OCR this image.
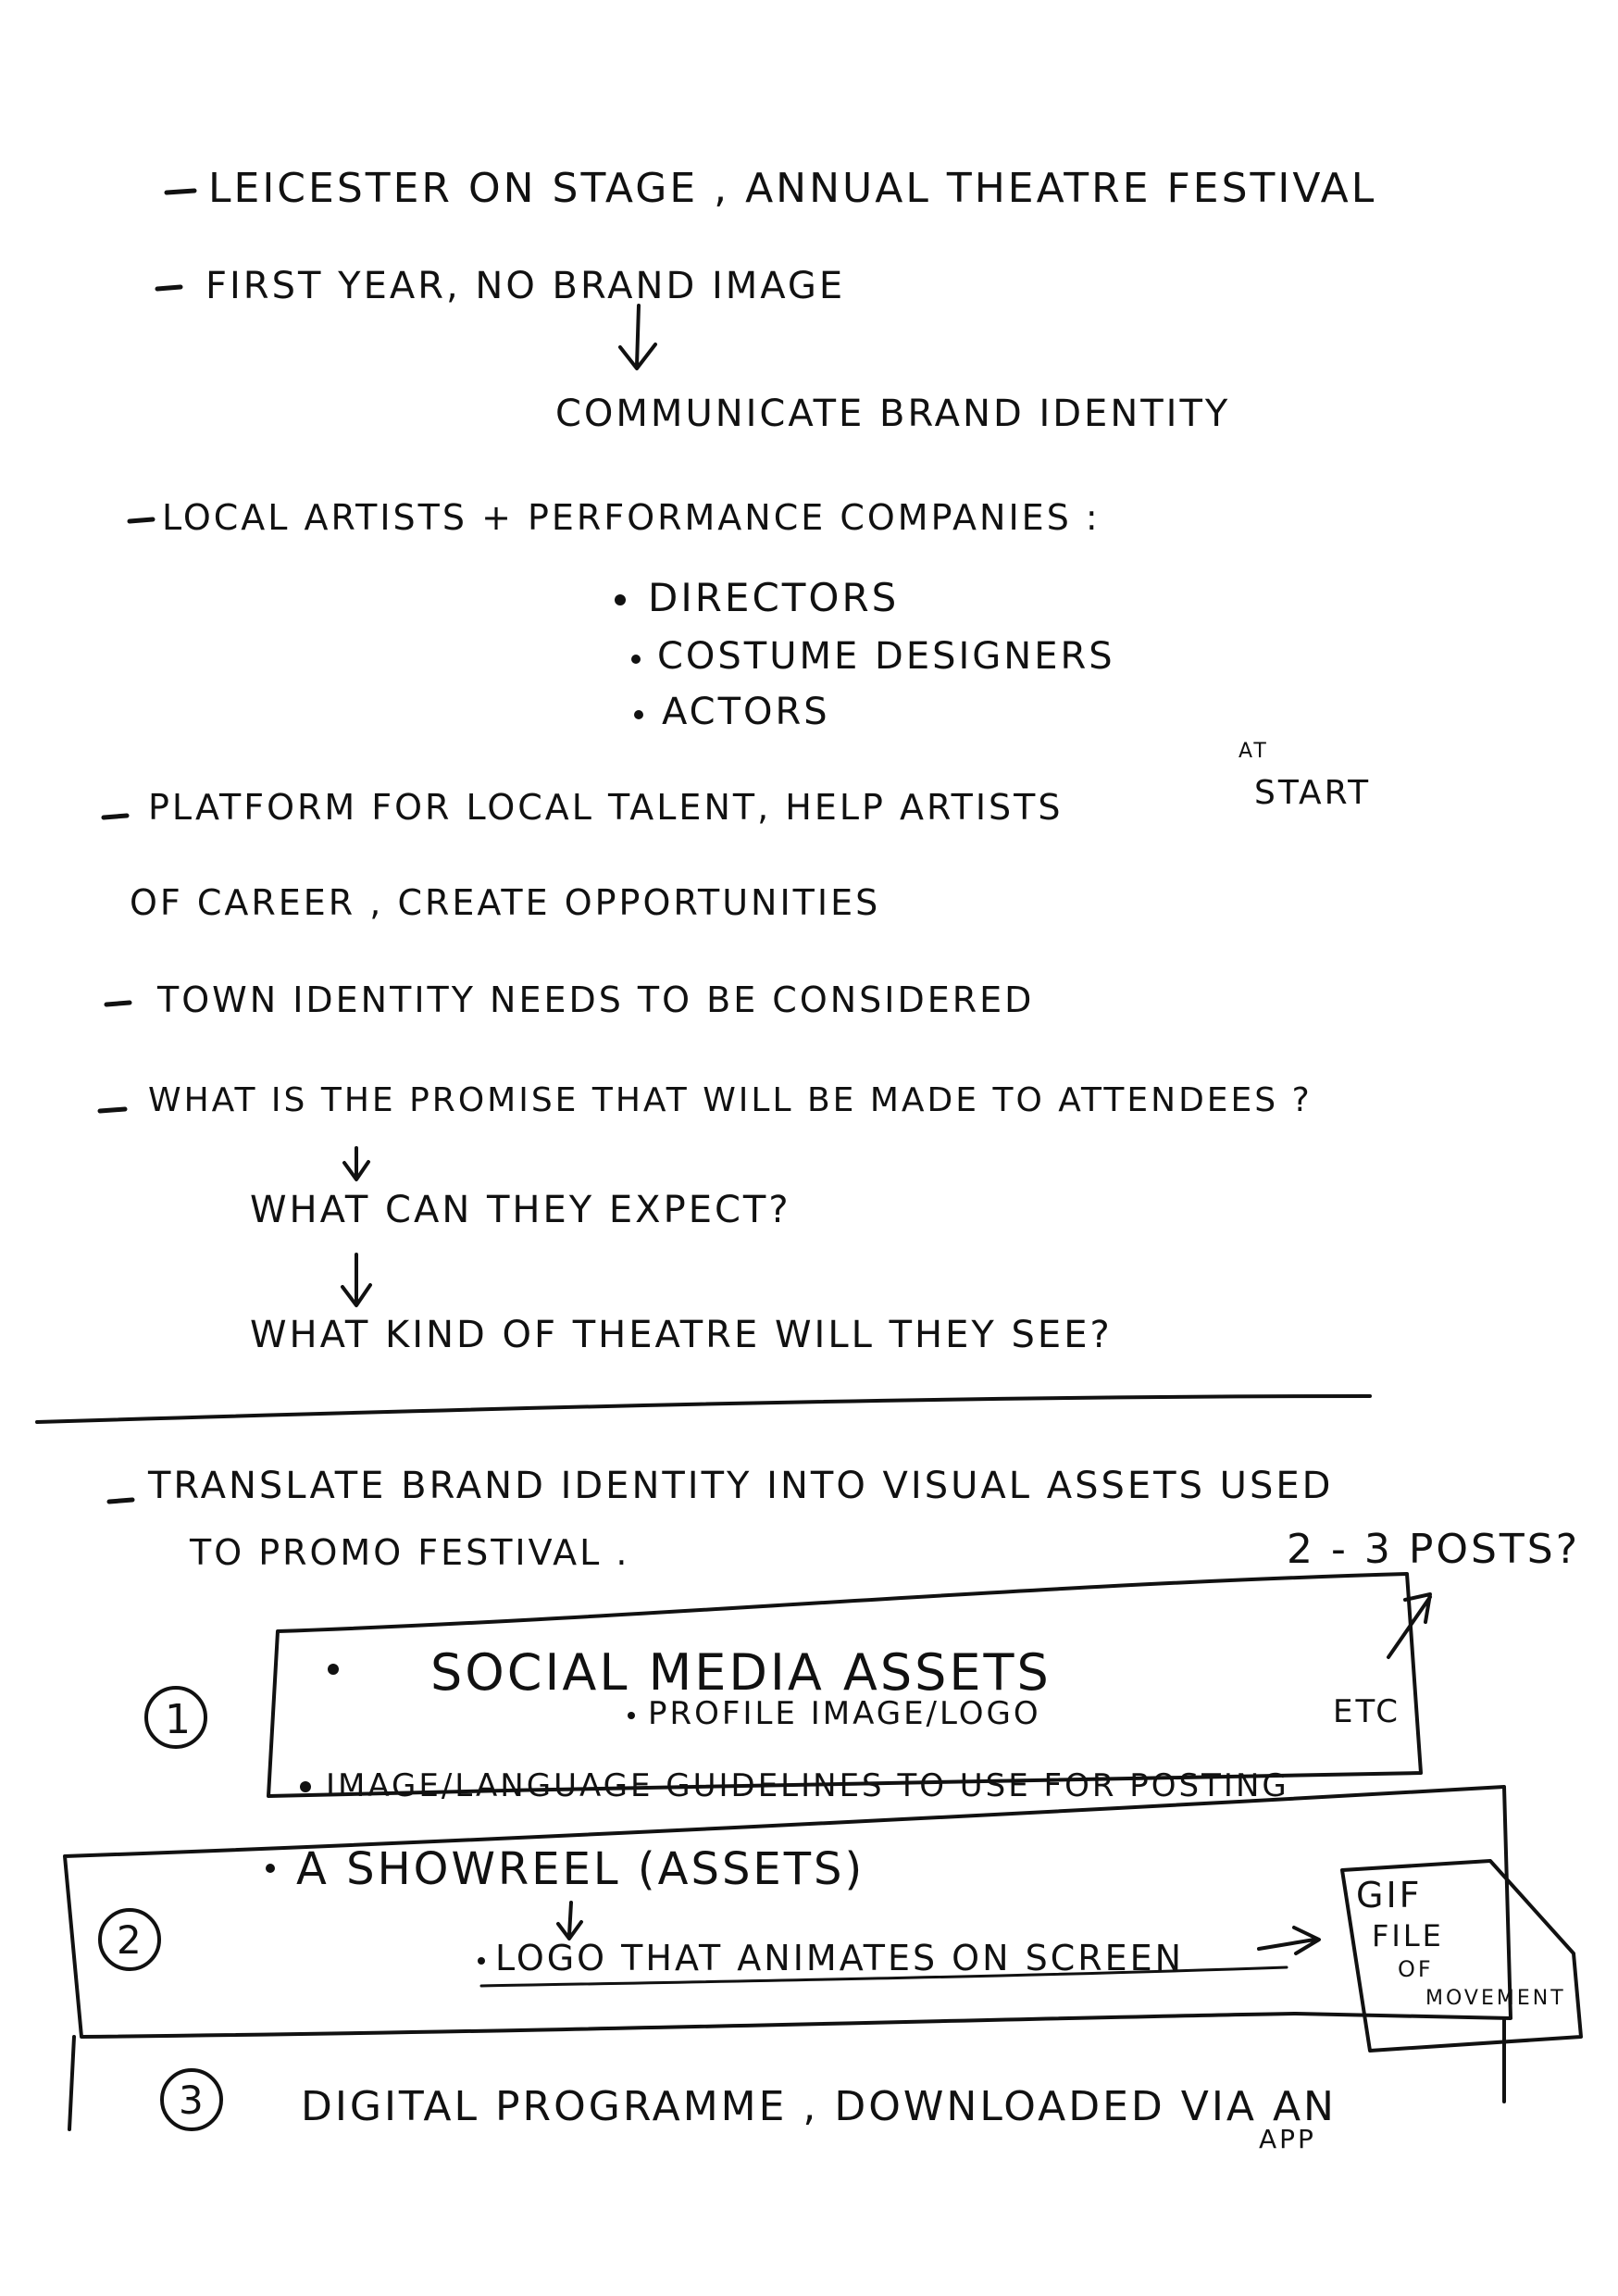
LEICESTER ON STAGE , ANNUAL THEATRE FESTIVAL
FIRST YEAR, NO BRAND IMAGE
COMMUNICATE BRAND IDENTITY
LOCAL ARTISTS + PERFORMANCE COMPANIES :
DIRECTORS
COSTUME DESIGNERS
ACTORS
PLATFORM FOR LOCAL TALENT, HELP ARTISTS
AT
START
OF CAREER , CREATE OPPORTUNITIES
TOWN IDENTITY NEEDS TO BE CONSIDERED
WHAT IS THE PROMISE THAT WILL BE MADE TO ATTENDEES ?
WHAT CAN THEY EXPECT?
WHAT KIND OF THEATRE WILL THEY SEE?
TRANSLATE BRAND IDENTITY INTO VISUAL ASSETS USED
TO PROMO FESTIVAL .	2 - 3 POSTS?
1
SOCIAL MEDIA ASSETS
PROFILE IMAGE/LOGO	ETC
IMAGE/LANGUAGE GUIDELINES TO USE FOR POSTING
2
A SHOWREEL (ASSETS)
LOGO THAT ANIMATES ON SCREEN
GIF
FILE
OF
MOVEMENT
3 DIGITAL PROGRAMME , DOWNLOADED VIA AN
APP
